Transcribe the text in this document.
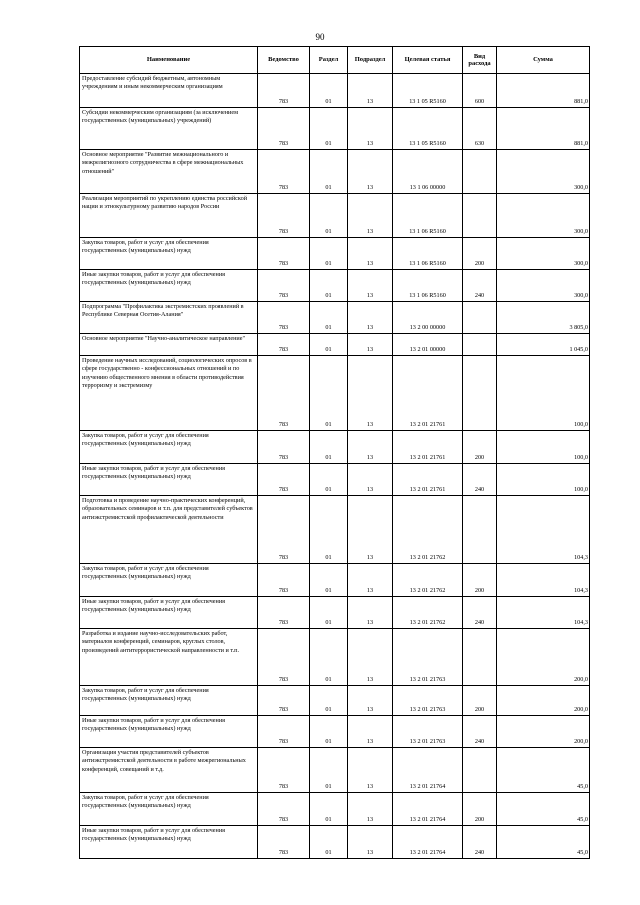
90
Наименование	Ведомство	Раздел	Подраздел	Целевая статья	Вид расхода	Сумма
Предоставление субсидий бюджетным, автономным учреждениям и иным некоммерческим организациям	783	01	13	13 1 05 R5160	600	881,0
Субсидии некоммерческим организациям (за исключением государственных (муниципальных) учреждений)	783	01	13	13 1 05 R5160	630	881,0
Основное мероприятие "Развитие межнационального и межрелигиозного сотрудничества в сфере межнациональных отношений"	783	01	13	13 1 06 00000		300,0
Реализация мероприятий по укреплению единства российской нации и этнокультурному развитию народов России	783	01	13	13 1 06 R5160		300,0
Закупка товаров, работ и услуг для обеспечения государственных (муниципальных) нужд	783	01	13	13 1 06 R5160	200	300,0
Иные закупки товаров, работ и услуг для обеспечения государственных (муниципальных) нужд	783	01	13	13 1 06 R5160	240	300,0
Подпрограмма "Профилактика экстремистских проявлений в Республике Северная Осетия-Алания"	783	01	13	13 2 00 00000		3 805,0
Основное мероприятие "Научно-аналитическое направление"	783	01	13	13 2 01 00000		1 045,0
Проведение научных исследований, социологических опросов в сфере государственно - конфессиональных отношений и по изучению общественного мнения в области противодействия терроризму и экстремизму	783	01	13	13 2 01 21761		100,0
Закупка товаров, работ и услуг для обеспечения государственных (муниципальных) нужд	783	01	13	13 2 01 21761	200	100,0
Иные закупки товаров, работ и услуг для обеспечения государственных (муниципальных) нужд	783	01	13	13 2 01 21761	240	100,0
Подготовка и проведение научно-практических конференций, образовательных семинаров и т.п. для представителей субъектов антиэкстремистской профилактической деятельности	783	01	13	13 2 01 21762		104,3
Закупка товаров, работ и услуг для обеспечения государственных (муниципальных) нужд	783	01	13	13 2 01 21762	200	104,3
Иные закупки товаров, работ и услуг для обеспечения государственных (муниципальных) нужд	783	01	13	13 2 01 21762	240	104,3
Разработка и издание научно-исследовательских работ, материалов конференций, семинаров, круглых столов, произведений антитеррористической направленности и т.п.	783	01	13	13 2 01 21763		200,0
Закупка товаров, работ и услуг для обеспечения государственных (муниципальных) нужд	783	01	13	13 2 01 21763	200	200,0
Иные закупки товаров, работ и услуг для обеспечения государственных (муниципальных) нужд	783	01	13	13 2 01 21763	240	200,0
Организация участия представителей субъектов антиэкстремистской деятельности в работе межрегиональных конференций, совещаний и т.д.	783	01	13	13 2 01 21764		45,0
Закупка товаров, работ и услуг для обеспечения государственных (муниципальных) нужд	783	01	13	13 2 01 21764	200	45,0
Иные закупки товаров, работ и услуг для обеспечения государственных (муниципальных) нужд	783	01	13	13 2 01 21764	240	45,0
